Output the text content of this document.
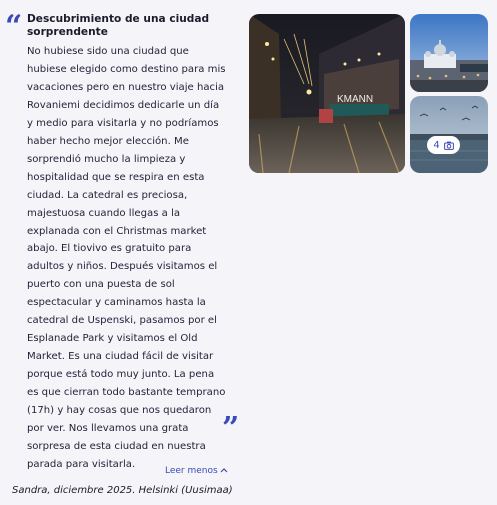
“ Descubrimiento de una ciudad sorprendente
No hubiese sido una ciudad que hubiese elegido como destino para mis vacaciones pero en nuestro viaje hacia Rovaniemi decidimos dedicarle un día y medio para visitarla y no podríamos haber hecho mejor elección. Me sorprendió mucho la limpieza y hospitalidad que se respira en esta ciudad. La catedral es preciosa, majestuosa cuando llegas a la explanada con el Christmas market abajo. El tiovivo es gratuito para adultos y niños. Después visitamos el puerto con una puesta de sol espectacular y caminamos hasta la catedral de Uspenski, pasamos por el Esplanade Park y visitamos el Old Market. Es una ciudad fácil de visitar porque está todo muy junto. La pena es que cierran todo bastante temprano (17h) y hay cosas que nos quedaron por ver. Nos llevamos una grata sorpresa de esta ciudad en nuestra parada para visitarla.
”
Leer menos
Sandra, diciembre 2025. Helsinki (Uusimaa)
KMANN
4
